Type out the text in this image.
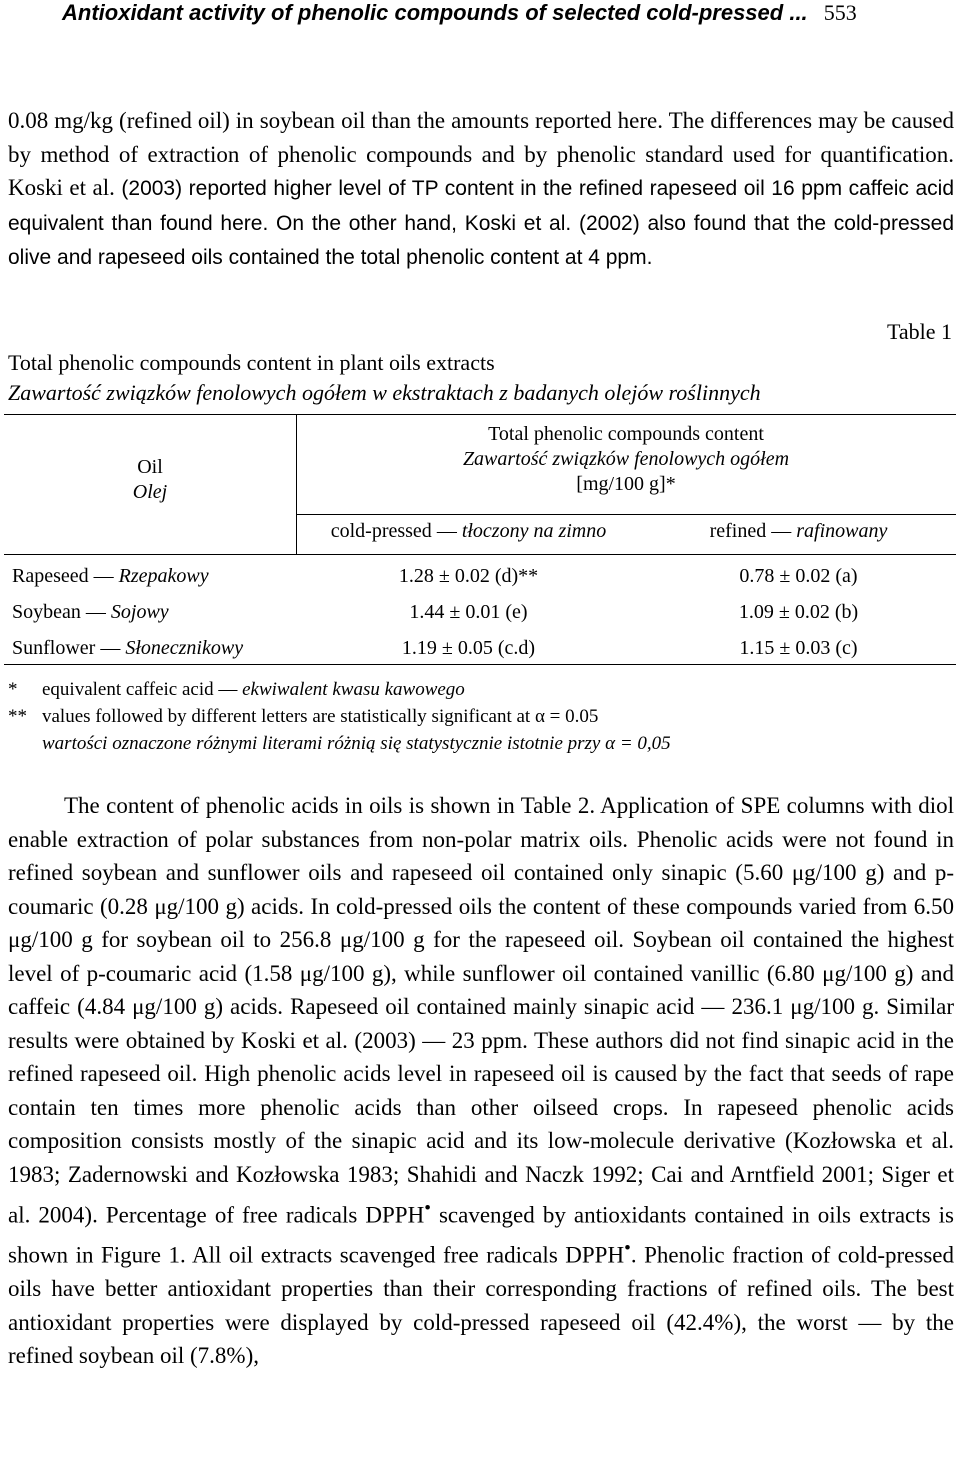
Antioxidant activity of phenolic compounds of selected cold-pressed ... 553
0.08 mg/kg (refined oil) in soybean oil than the amounts reported here. The differences may be caused by method of extraction of phenolic compounds and by phenolic standard used for quantification. Koski et al. (2003) reported higher level of TP content in the refined rapeseed oil 16 ppm caffeic acid equivalent than found here. On the other hand, Koski et al. (2002) also found that the cold-pressed olive and rapeseed oils contained the total phenolic content at 4 ppm.
Table 1
Total phenolic compounds content in plant oils extracts
Zawartość związków fenolowych ogółem w ekstraktach z badanych olejów roślinnych
Oil
Olej
Total phenolic compounds content
Zawartość związków fenolowych ogółem
[mg/100 g]*
cold-pressed — tłoczony na zimno	refined — rafinowany
Rapeseed — Rzepakowy	1.28 ± 0.02 (d)**	0.78 ± 0.02 (a)
Soybean — Sojowy	1.44 ± 0.01 (e)	1.09 ± 0.02 (b)
Sunflower — Słonecznikowy	1.19 ± 0.05 (c.d)	1.15 ± 0.03 (c)
* equivalent caffeic acid — ekwiwalent kwasu kawowego
** values followed by different letters are statistically significant at α = 0.05
wartości oznaczone różnymi literami różnią się statystycznie istotnie przy α = 0,05
The content of phenolic acids in oils is shown in Table 2. Application of SPE columns with diol enable extraction of polar substances from non-polar matrix oils. Phenolic acids were not found in refined soybean and sunflower oils and rapeseed oil contained only sinapic (5.60 μg/100 g) and p-coumaric (0.28 μg/100 g) acids. In cold-pressed oils the content of these compounds varied from 6.50 μg/100 g for soybean oil to 256.8 μg/100 g for the rapeseed oil. Soybean oil contained the highest level of p-coumaric acid (1.58 μg/100 g), while sunflower oil contained vanillic (6.80 μg/100 g) and caffeic (4.84 μg/100 g) acids. Rapeseed oil contained mainly sinapic acid — 236.1 μg/100 g. Similar results were obtained by Koski et al. (2003) — 23 ppm. These authors did not find sinapic acid in the refined rapeseed oil. High phenolic acids level in rapeseed oil is caused by the fact that seeds of rape contain ten times more phenolic acids than other oilseed crops. In rapeseed phenolic acids composition consists mostly of the sinapic acid and its low-molecule derivative (Kozłowska et al. 1983; Zadernowski and Kozłowska 1983; Shahidi and Naczk 1992; Cai and Arntfield 2001; Siger et al. 2004). Percentage of free radicals DPPH• scavenged by antioxidants contained in oils extracts is shown in Figure 1. All oil extracts scavenged free radicals DPPH•. Phenolic fraction of cold-pressed oils have better antioxidant properties than their corresponding fractions of refined oils. The best antioxidant properties were displayed by cold-pressed rapeseed oil (42.4%), the worst — by the refined soybean oil (7.8%),
